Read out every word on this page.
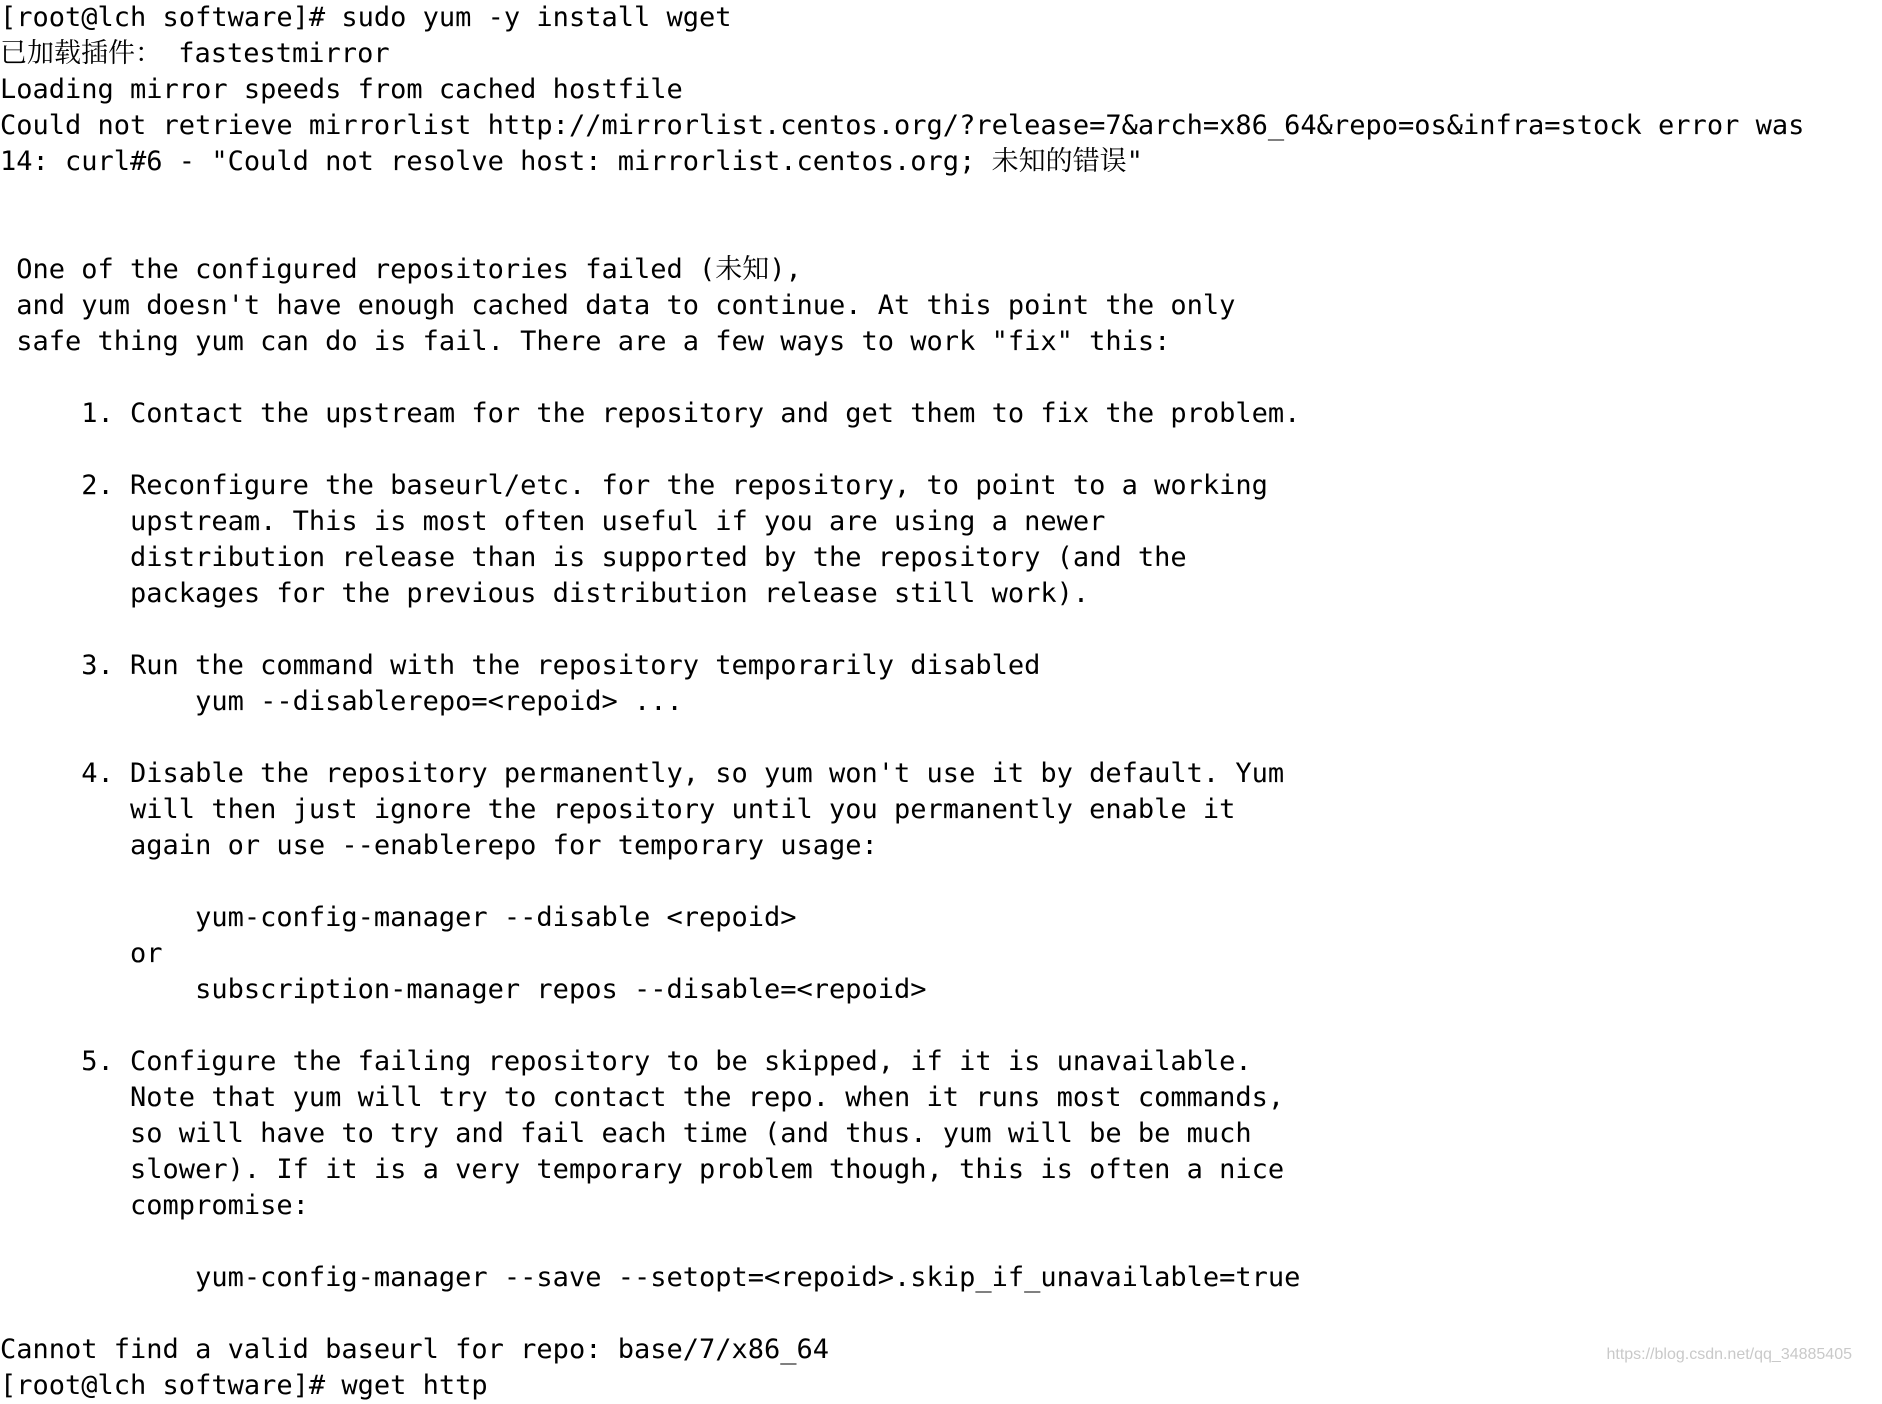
[root@lch software]# sudo yum -y install wget
已加载插件： fastestmirror
Loading mirror speeds from cached hostfile
Could not retrieve mirrorlist http://mirrorlist.centos.org/?release=7&arch=x86_64&repo=os&infra=stock error was
14: curl#6 - "Could not resolve host: mirrorlist.centos.org; 未知的错误"
One of the configured repositories failed (未知),
and yum doesn't have enough cached data to continue. At this point the only
safe thing yum can do is fail. There are a few ways to work "fix" this:
1. Contact the upstream for the repository and get them to fix the problem.
2. Reconfigure the baseurl/etc. for the repository, to point to a working
upstream. This is most often useful if you are using a newer
distribution release than is supported by the repository (and the
packages for the previous distribution release still work).
3. Run the command with the repository temporarily disabled
yum --disablerepo=<repoid> ...
4. Disable the repository permanently, so yum won't use it by default. Yum
will then just ignore the repository until you permanently enable it
again or use --enablerepo for temporary usage:
yum-config-manager --disable <repoid>
or
subscription-manager repos --disable=<repoid>
5. Configure the failing repository to be skipped, if it is unavailable.
Note that yum will try to contact the repo. when it runs most commands,
so will have to try and fail each time (and thus. yum will be be much
slower). If it is a very temporary problem though, this is often a nice
compromise:
yum-config-manager --save --setopt=<repoid>.skip_if_unavailable=true
Cannot find a valid baseurl for repo: base/7/x86_64
[root@lch software]# wget http
https://blog.csdn.net/qq_34885405
